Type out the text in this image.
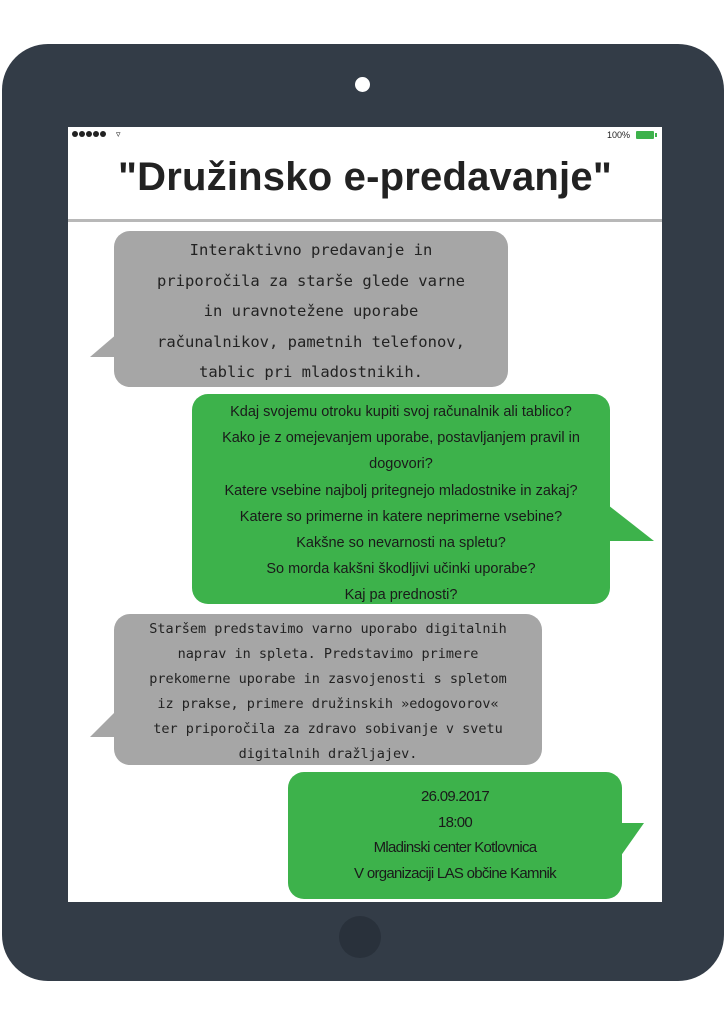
▿	100%
"Družinsko e-predavanje"
Interaktivno predavanje in
priporočila za starše glede varne
in uravnotežene uporabe
računalnikov, pametnih telefonov,
tablic pri mladostnikih.
Kdaj svojemu otroku kupiti svoj računalnik ali tablico?
Kako je z omejevanjem uporabe, postavljanjem pravil in
dogovori?
Katere vsebine najbolj pritegnejo mladostnike in zakaj?
Katere so primerne in katere neprimerne vsebine?
Kakšne so nevarnosti na spletu?
So morda kakšni škodljivi učinki uporabe?
Kaj pa prednosti?
Staršem predstavimo varno uporabo digitalnih
naprav in spleta. Predstavimo primere
prekomerne uporabe in zasvojenosti s spletom
iz prakse, primere družinskih »edogovorov«
ter priporočila za zdravo sobivanje v svetu
digitalnih dražljajev.
26.09.2017
18:00
Mladinski center Kotlovnica
V organizaciji LAS občine Kamnik
